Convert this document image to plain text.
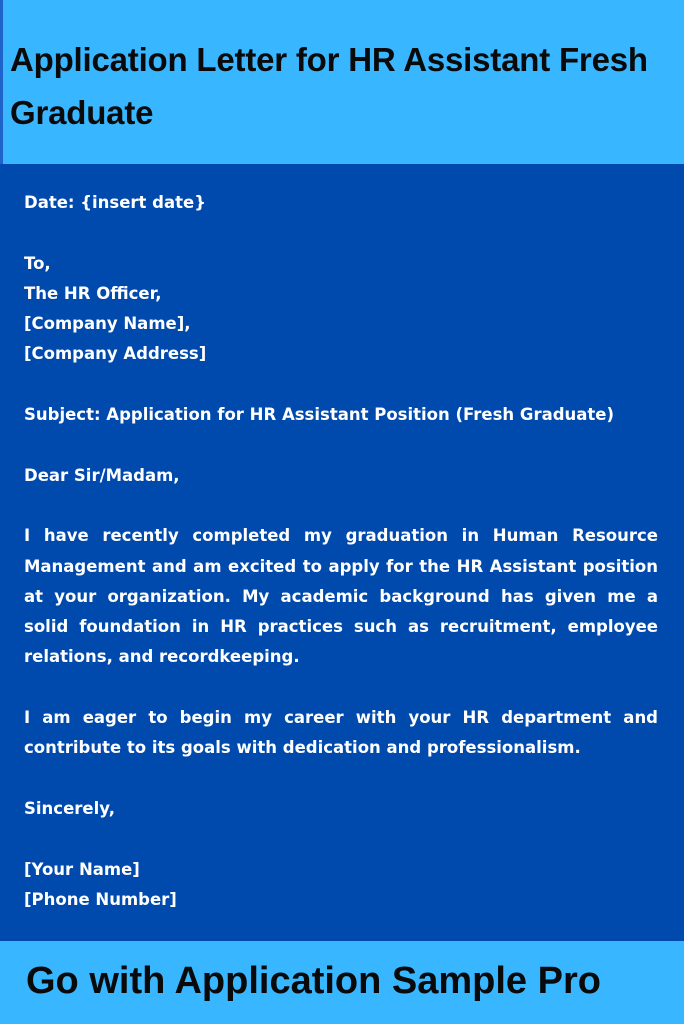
Application Letter for HR Assistant Fresh Graduate

Date: {insert date}

To,
The HR Officer,
[Company Name],
[Company Address]

Subject: Application for HR Assistant Position (Fresh Graduate)

Dear Sir/Madam,

I have recently completed my graduation in Human Resource Management and am excited to apply for the HR Assistant position at your organization. My academic background has given me a solid foundation in HR practices such as recruitment, employee relations, and recordkeeping.

I am eager to begin my career with your HR department and contribute to its goals with dedication and professionalism.

Sincerely,

[Your Name]
[Phone Number]

Go with Application Sample Pro
